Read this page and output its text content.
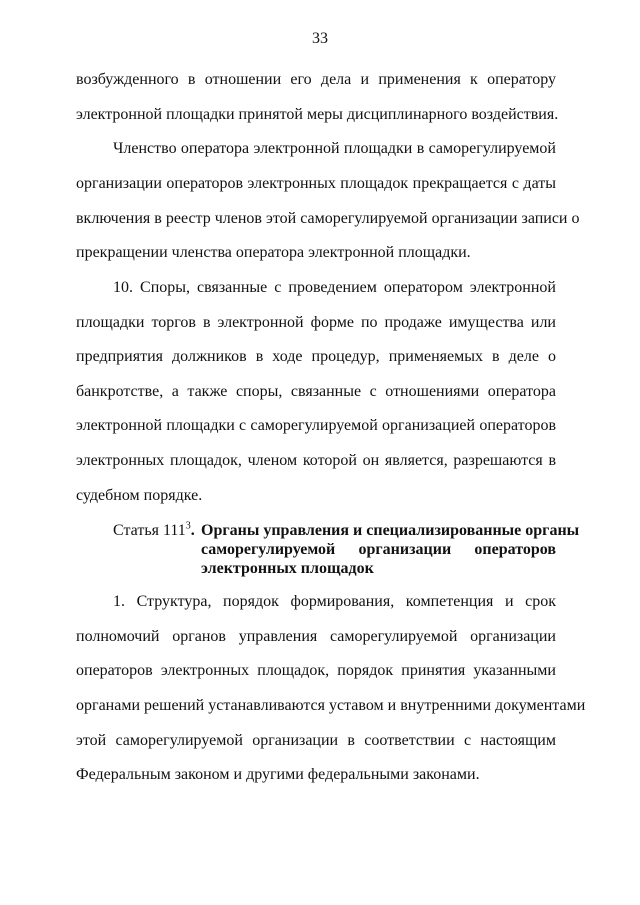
33
возбужденного в отношении его дела и применения к оператору
электронной площадки принятой меры дисциплинарного воздействия.
Членство оператора электронной площадки в саморегулируемой
организации операторов электронных площадок прекращается с даты
включения в реестр членов этой саморегулируемой организации записи о
прекращении членства оператора электронной площадки.
10. Споры, связанные с проведением оператором электронной
площадки торгов в электронной форме по продаже имущества или
предприятия должников в ходе процедур, применяемых в деле о
банкротстве, а также споры, связанные с отношениями оператора
электронной площадки с саморегулируемой организацией операторов
электронных площадок, членом которой он является, разрешаются в
судебном порядке.
Статья $111^3$. Органы управления и специализированные органы
саморегулируемой организации операторов
электронных площадок
1. Структура, порядок формирования, компетенция и срок
полномочий органов управления саморегулируемой организации
операторов электронных площадок, порядок принятия указанными
органами решений устанавливаются уставом и внутренними документами
этой саморегулируемой организации в соответствии с настоящим
Федеральным законом и другими федеральными законами.
